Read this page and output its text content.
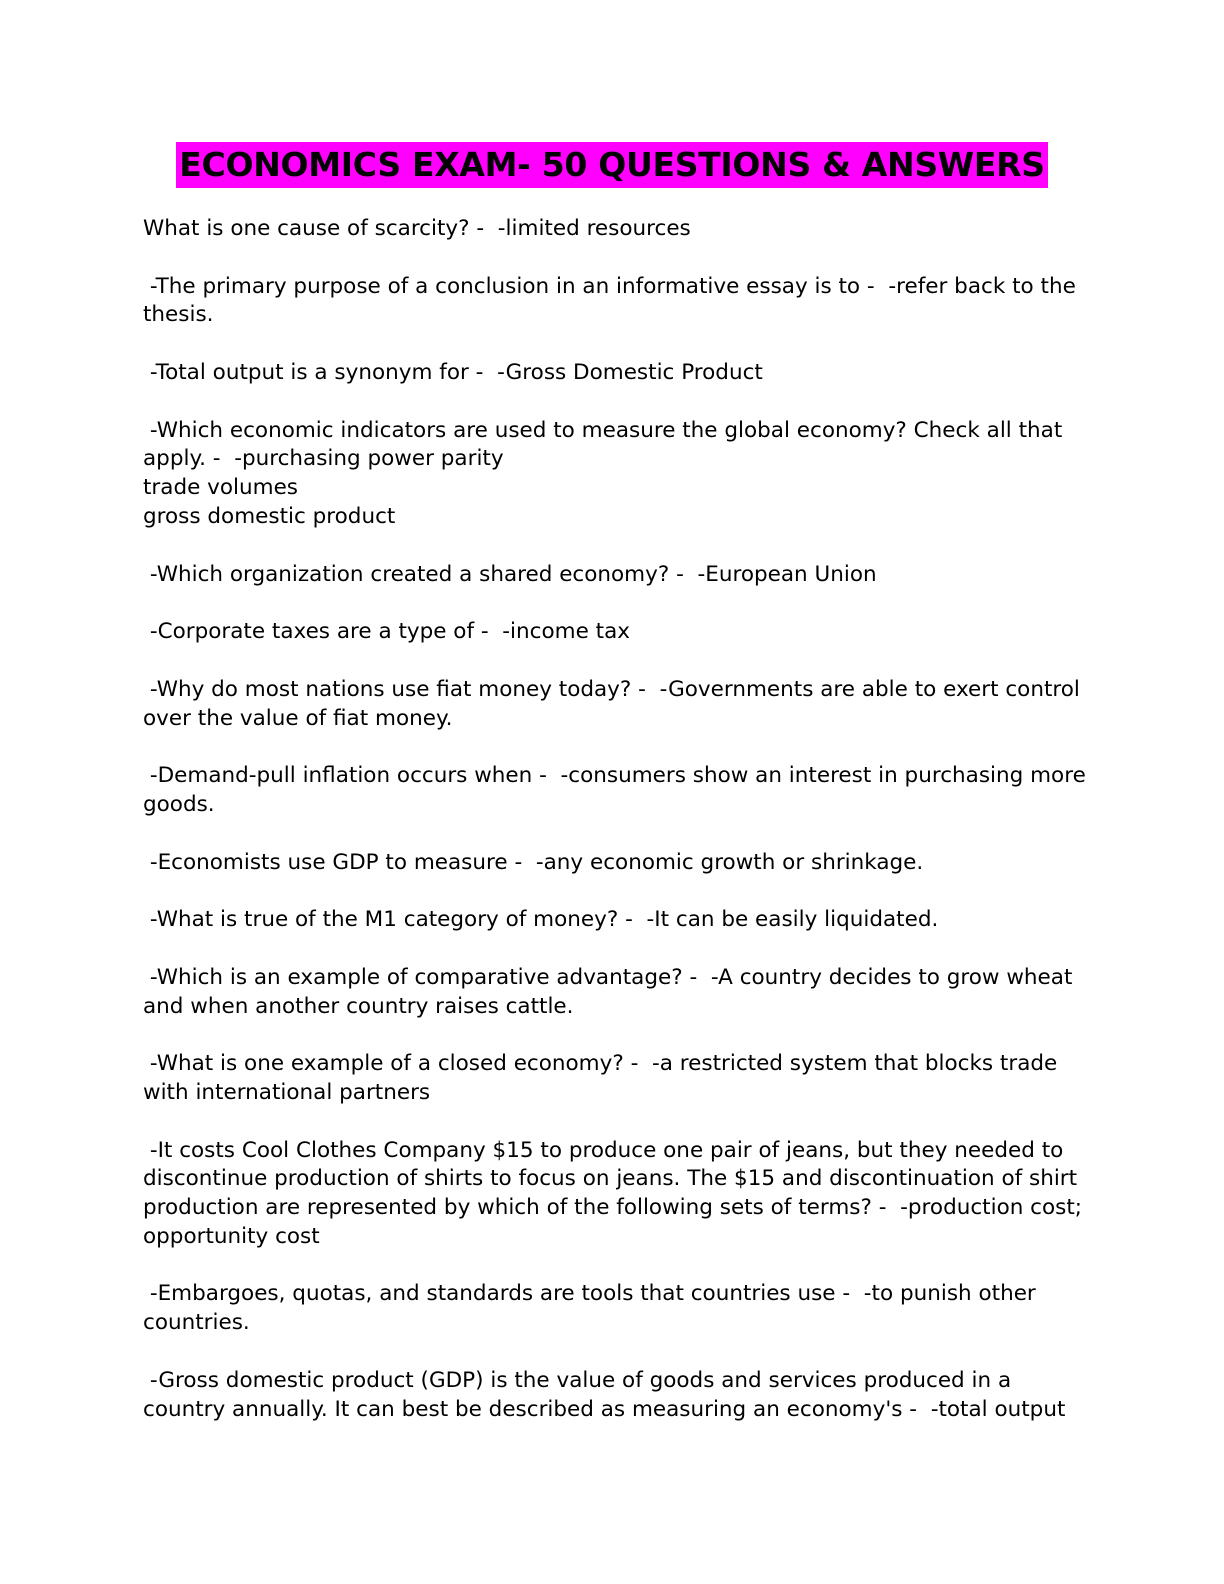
ECONOMICS EXAM- 50 QUESTIONS & ANSWERS
What is one cause of scarcity? -  -limited resources
-The primary purpose of a conclusion in an informative essay is to -  -refer back to the
thesis.
-Total output is a synonym for -  -Gross Domestic Product
-Which economic indicators are used to measure the global economy? Check all that
apply. -  -purchasing power parity
trade volumes
gross domestic product
-Which organization created a shared economy? -  -European Union
-Corporate taxes are a type of -  -income tax
-Why do most nations use fiat money today? -  -Governments are able to exert control
over the value of fiat money.
-Demand-pull inflation occurs when -  -consumers show an interest in purchasing more
goods.
-Economists use GDP to measure -  -any economic growth or shrinkage.
-What is true of the M1 category of money? -  -It can be easily liquidated.
-Which is an example of comparative advantage? -  -A country decides to grow wheat
and when another country raises cattle.
-What is one example of a closed economy? -  -a restricted system that blocks trade
with international partners
-It costs Cool Clothes Company $15 to produce one pair of jeans, but they needed to
discontinue production of shirts to focus on jeans. The $15 and discontinuation of shirt
production are represented by which of the following sets of terms? -  -production cost;
opportunity cost
-Embargoes, quotas, and standards are tools that countries use -  -to punish other
countries.
-Gross domestic product (GDP) is the value of goods and services produced in a
country annually. It can best be described as measuring an economy's -  -total output
